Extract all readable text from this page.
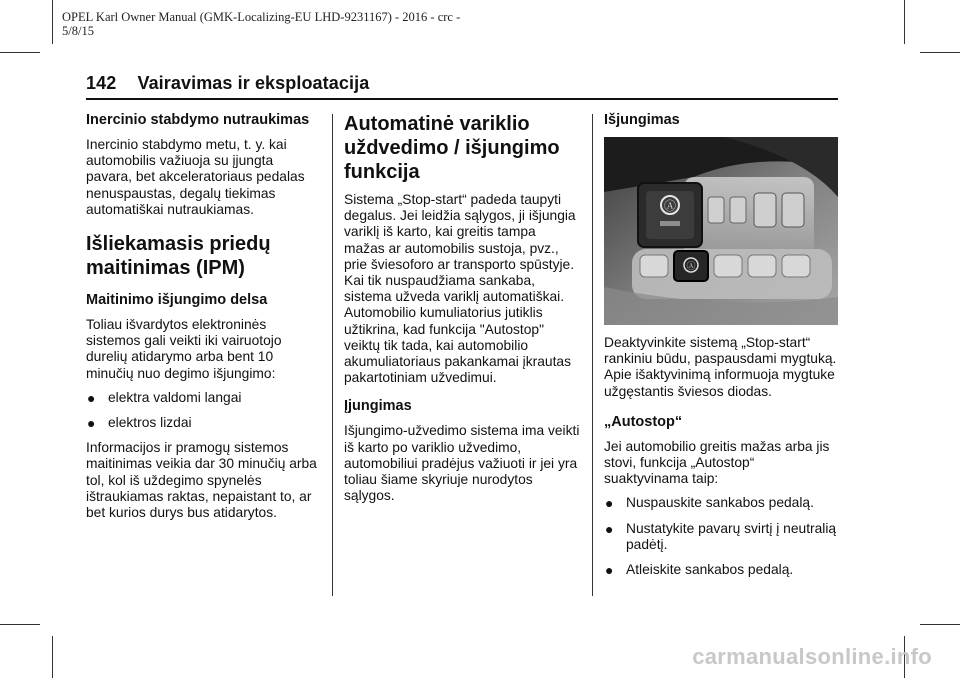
OPEL Karl Owner Manual (GMK-Localizing-EU LHD-9231167) - 2016 - crc -
5/8/15
142 Vairavimas ir eksploatacija
Inercinio stabdymo nutraukimas
Inercinio stabdymo metu, t. y. kai automobilis važiuoja su įjungta pavara, bet akceleratoriaus pedalas nenuspaustas, degalų tiekimas automatiškai nutraukiamas.
Išliekamasis priedų maitinimas (IPM)
Maitinimo išjungimo delsa
Toliau išvardytos elektroninės sistemos gali veikti iki vairuotojo durelių atidarymo arba bent 10 minučių nuo degimo išjungimo:
● elektra valdomi langai
● elektros lizdai
Informacijos ir pramogų sistemos maitinimas veikia dar 30 minučių arba tol, kol iš uždegimo spynelės ištraukiamas raktas, nepaistant to, ar bet kurios durys bus atidarytos.
Automatinė variklio uždvedimo / išjungimo funkcija
Sistema „Stop-start“ padeda taupyti degalus. Jei leidžia sąlygos, ji išjungia variklį iš karto, kai greitis tampa mažas ar automobilis sustoja, pvz., prie šviesoforo ar transporto spūstyje. Kai tik nuspaudžiama sankaba, sistema užveda variklį automatiškai. Automobilio kumuliatorius jutiklis užtikrina, kad funkcija "Autostop" veiktų tik tada, kai automobilio akumuliatoriaus pakankamai įkrautas pakartotiniam užvedimui.
Įjungimas
Išjungimo-užvedimo sistema ima veikti iš karto po variklio užvedimo, automobiliui pradėjus važiuoti ir jei yra toliau šiame skyriuje nurodytos sąlygos.
Išjungimas
Ⓐ
Ⓐ
Deaktyvinkite sistemą „Stop-start“ rankiniu būdu, paspausdami mygtuką. Apie išaktyvinimą informuoja mygtuke užgęstantis šviesos diodas.
„Autostop“
Jei automobilio greitis mažas arba jis stovi, funkcija „Autostop“ suaktyvinama taip:
● Nuspauskite sankabos pedalą.
● Nustatykite pavarų svirtį į neutralią padėtį.
● Atleiskite sankabos pedalą.
carmanualsonline.info
